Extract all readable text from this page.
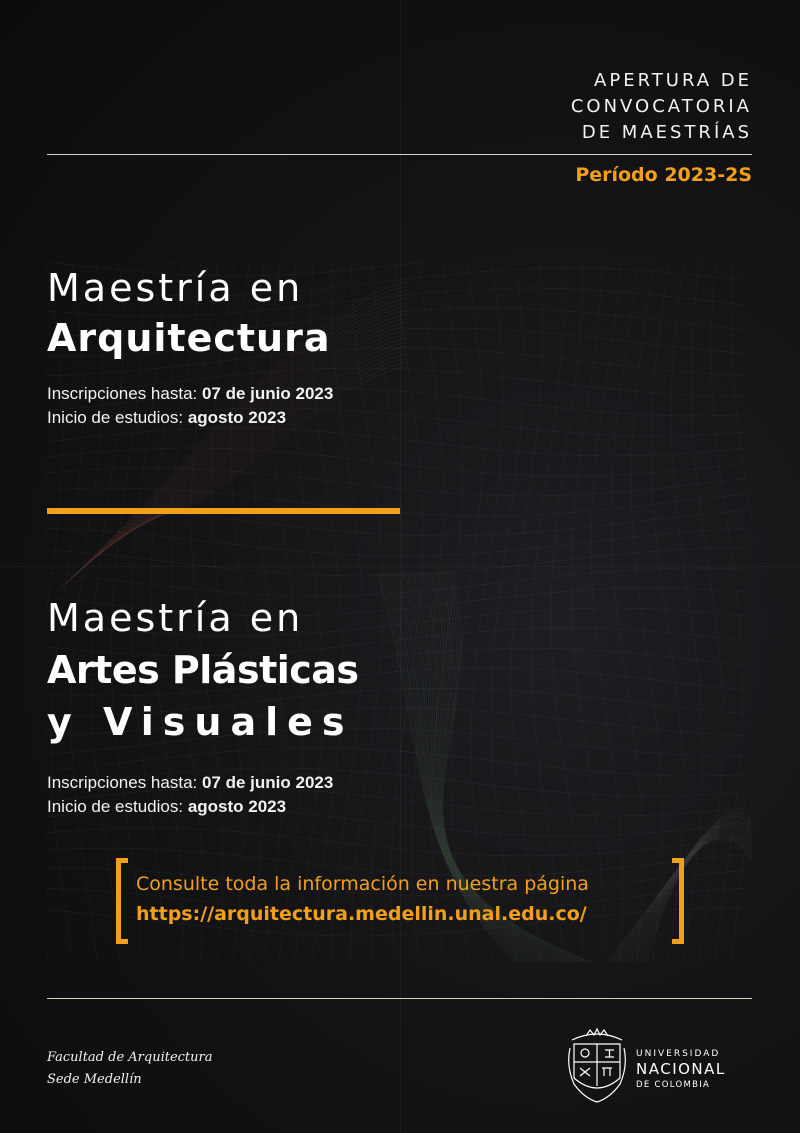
APERTURA DE
CONVOCATORIA
DE MAESTRÍAS
Período 2023-2S
Maestría en
Arquitectura
Inscripciones hasta: 07 de junio 2023
Inicio de estudios: agosto 2023
Maestría en
Artes Plásticas
y Visuales
Inscripciones hasta: 07 de junio 2023
Inicio de estudios: agosto 2023
Consulte toda la información en nuestra página
https://arquitectura.medellin.unal.edu.co/
Facultad de Arquitectura
Sede Medellín
UNIVERSIDAD
NACIONAL
DE COLOMBIA
